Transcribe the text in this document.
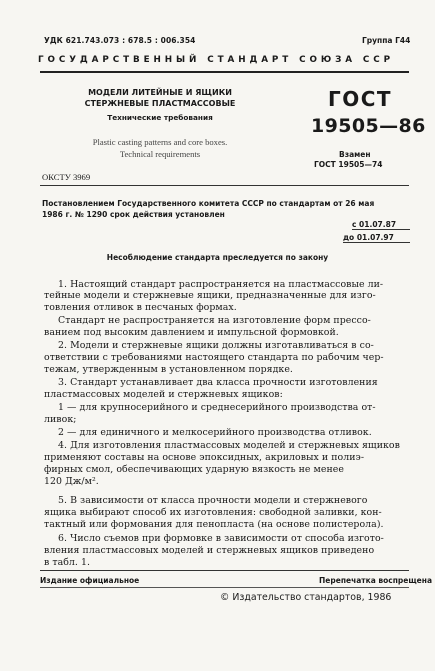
УДК 621.743.073 : 678.5 : 006.354	Группа Г44
ГОСУДАРСТВЕННЫЙ СТАНДАРТ СОЮЗА ССР
МОДЕЛИ ЛИТЕЙНЫЕ И ЯЩИКИ
СТЕРЖНЕВЫЕ ПЛАСТМАССОВЫЕ
Технические требования
Plastic casting patterns and core boxes.
Technical requirements
ГОСТ
19505—86
Взамен
ГОСТ 19505—74
ОКСТУ 3969
Постановлением Государственного комитета СССР по стандартам от 26 мая
1986 г. № 1290 срок действия установлен
с 01.07.87
до 01.07.97
Несоблюдение стандарта преследуется по закону
1. Настоящий стандарт распространяется на пластмассовые ли-
тейные модели и стержневые ящики, предназначенные для изго-
товления отливок в песчаных формах.
Стандарт не распространяется на изготовление форм прессо-
ванием под высоким давлением и импульсной формовкой.
2. Модели и стержневые ящики должны изготавливаться в со-
ответствии с требованиями настоящего стандарта по рабочим чер-
тежам, утвержденным в установленном порядке.
3. Стандарт устанавливает два класса прочности изготовления
пластмассовых моделей и стержневых ящиков:
1 — для крупносерийного и среднесерийного производства от-
ливок;
2 — для единичного и мелкосерийного производства отливок.
4. Для изготовления пластмассовых моделей и стержневых ящиков
применяют составы на основе эпоксидных, акриловых и полиэ-
фирных смол, обеспечивающих ударную вязкость не менее
120 Дж/м².
5. В зависимости от класса прочности модели и стержневого
ящика выбирают способ их изготовления: свободной заливки, кон-
тактный или формования для пенопласта (на основе полистерола).
6. Число съемов при формовке в зависимости от способа изгото-
вления пластмассовых моделей и стержневых ящиков приведено
в табл. 1.
Издание официальное	Перепечатка воспрещена
© Издательство стандартов, 1986
